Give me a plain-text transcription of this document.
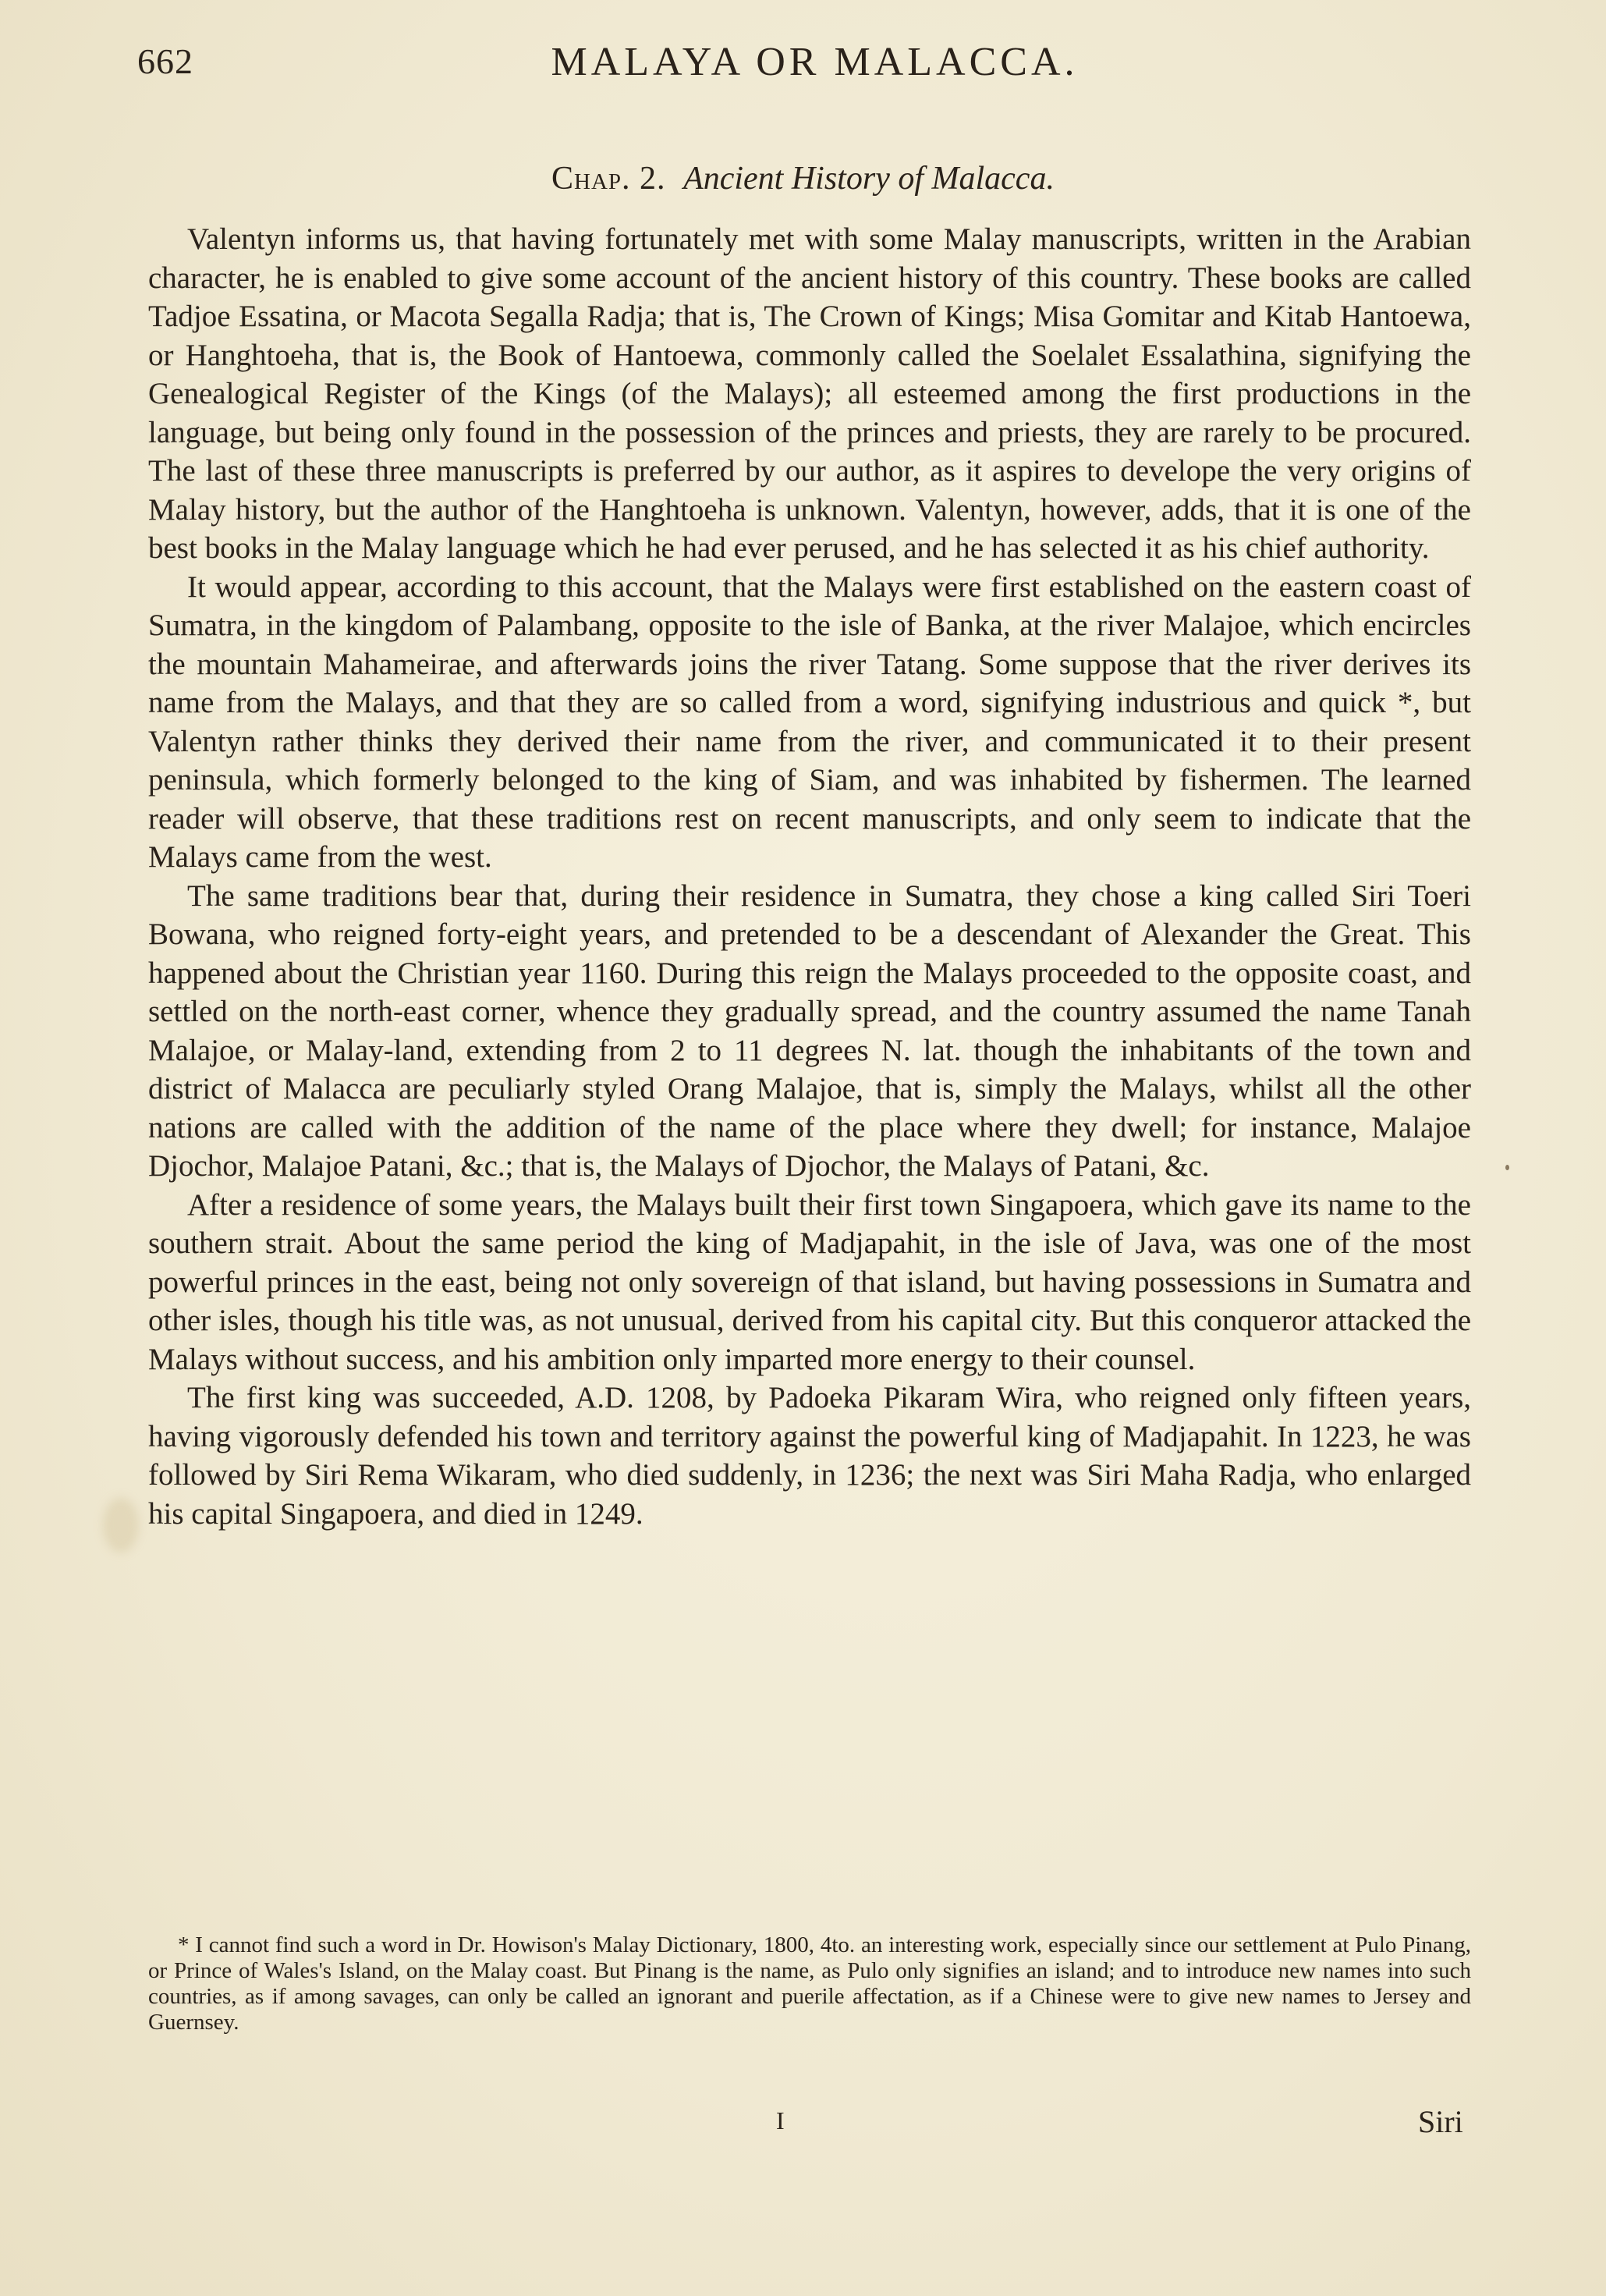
662	MALAYA OR MALACCA.
Chap. 2. Ancient History of Malacca.

Valentyn informs us, that having fortunately met with some Malay manuscripts, written in the Arabian character, he is enabled to give some account of the ancient history of this country. These books are called Tadjoe Essatina, or Macota Segalla Radja; that is, The Crown of Kings; Misa Gomitar and Kitab Hantoewa, or Hanghtoeha, that is, the Book of Hantoewa, commonly called the Soelalet Essalathina, signifying the Genealogical Register of the Kings (of the Malays); all esteemed among the first productions in the language, but being only found in the possession of the princes and priests, they are rarely to be procured. The last of these three manuscripts is preferred by our author, as it aspires to develope the very origins of Malay history, but the author of the Hanghtoeha is unknown. Valentyn, however, adds, that it is one of the best books in the Malay language which he had ever perused, and he has selected it as his chief authority.

It would appear, according to this account, that the Malays were first established on the eastern coast of Sumatra, in the kingdom of Palambang, opposite to the isle of Banka, at the river Malajoe, which encircles the mountain Mahameirae, and afterwards joins the river Tatang. Some suppose that the river derives its name from the Malays, and that they are so called from a word, signifying industrious and quick *, but Valentyn rather thinks they derived their name from the river, and communicated it to their present peninsula, which formerly belonged to the king of Siam, and was inhabited by fishermen. The learned reader will observe, that these traditions rest on recent manuscripts, and only seem to indicate that the Malays came from the west.

The same traditions bear that, during their residence in Sumatra, they chose a king called Siri Toeri Bowana, who reigned forty-eight years, and pretended to be a descendant of Alexander the Great. This happened about the Christian year 1160. During this reign the Malays proceeded to the opposite coast, and settled on the north-east corner, whence they gradually spread, and the country assumed the name Tanah Malajoe, or Malay-land, extending from 2 to 11 degrees N. lat. though the inhabitants of the town and district of Malacca are peculiarly styled Orang Malajoe, that is, simply the Malays, whilst all the other nations are called with the addition of the name of the place where they dwell; for instance, Malajoe Djochor, Malajoe Patani, &c.; that is, the Malays of Djochor, the Malays of Patani, &c.

After a residence of some years, the Malays built their first town Singapoera, which gave its name to the southern strait. About the same period the king of Madjapahit, in the isle of Java, was one of the most powerful princes in the east, being not only sovereign of that island, but having possessions in Sumatra and other isles, though his title was, as not unusual, derived from his capital city. But this conqueror attacked the Malays without success, and his ambition only imparted more energy to their counsel.

The first king was succeeded, A.D. 1208, by Padoeka Pikaram Wira, who reigned only fifteen years, having vigorously defended his town and territory against the powerful king of Madjapahit. In 1223, he was followed by Siri Rema Wikaram, who died suddenly, in 1236; the next was Siri Maha Radja, who enlarged his capital Singapoera, and died in 1249.

* I cannot find such a word in Dr. Howison's Malay Dictionary, 1800, 4to. an interesting work, especially since our settlement at Pulo Pinang, or Prince of Wales's Island, on the Malay coast. But Pinang is the name, as Pulo only signifies an island; and to introduce new names into such countries, as if among savages, can only be called an ignorant and puerile affectation, as if a Chinese were to give new names to Jersey and Guernsey.
I	Siri
